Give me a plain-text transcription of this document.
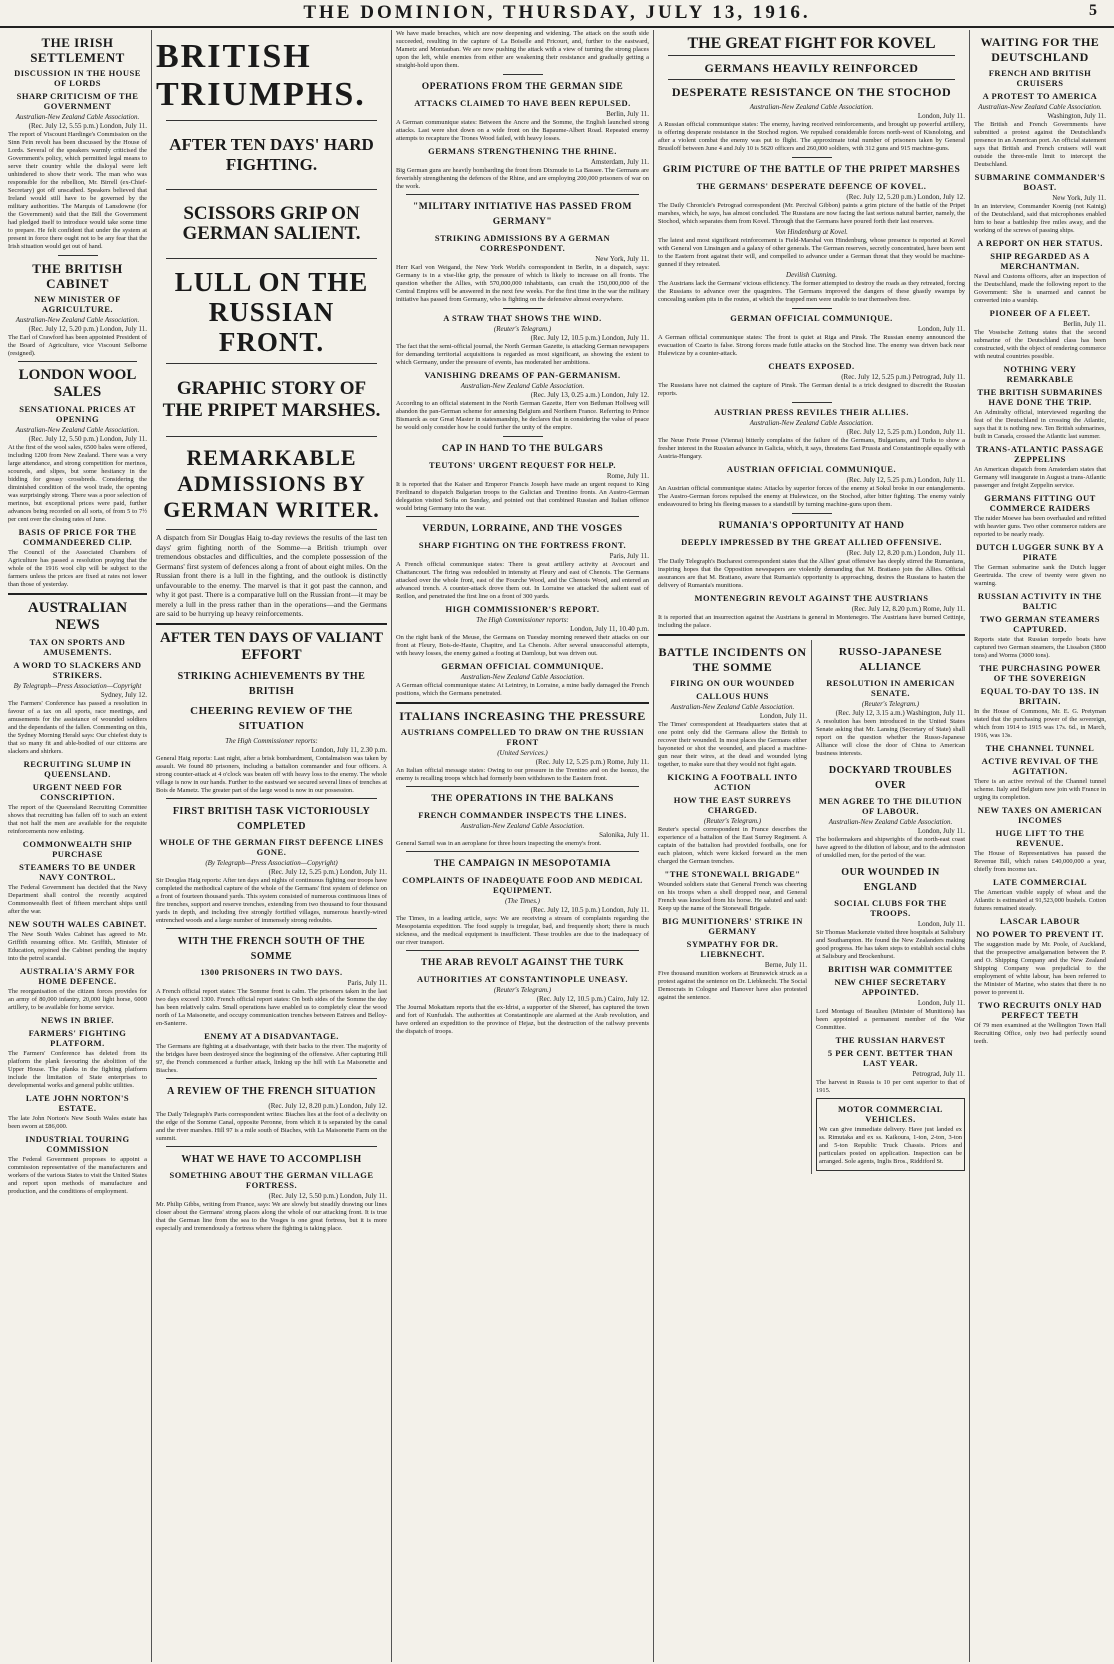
THE DOMINION, THURSDAY, JULY 13, 1916.	5
THE IRISH SETTLEMENT
DISCUSSION IN THE HOUSE OF LORDS
SHARP CRITICISM OF THE GOVERNMENT
Australian-New Zealand Cable Association.
(Rec. July 12, 5.55 p.m.) London, July 11.

The report of Viscount Hardinge's Commission on the Sinn Fein revolt has been discussed by the House of Lords. Several of the speakers warmly criticised the Government's policy, which permitted legal means to serve their country while the disloyal were left unhindered to show their work. The man who was responsible for the rebellion, Mr. Birrell (ex-Chief-Secretary) got off unscathed. Speakers believed that Ireland would still have to be governed by the military authorities. The Marquis of Lansdowne (for the Government) said that the Bill the Government had pledged itself to introduce would take some time to prepare. He felt confident that under the system at present in force there ought not to be any fear that the Irish situation would get out of hand.

THE BRITISH CABINET
NEW MINISTER OF AGRICULTURE.
Australian-New Zealand Cable Association.
(Rec. July 12, 5.20 p.m.) London, July 11.

The Earl of Crawford has been appointed President of the Board of Agriculture, vice Viscount Selborne (resigned).

LONDON WOOL SALES
SENSATIONAL PRICES AT OPENING
Australian-New Zealand Cable Association.
(Rec. July 12, 5.50 p.m.) London, July 11.

At the first of the wool sales, 6500 bales were offered, including 1200 from New Zealand. There was a very large attendance, and strong competition for merinos, scoureds, and slipes, but some hesitancy in the bidding for greasy crossbreds. Considering the diminished condition of the wool trade, the opening was surprisingly strong. There was a poor selection of merinos, but exceptional prices were paid, further advances being recorded on all sorts, of from 5 to 7½ per cent over the closing rates of June.

BASIS OF PRICE FOR THE COMMANDEERED CLIP.

The Council of the Associated Chambers of Agriculture has passed a resolution praying that the whole of the 1916 wool clip will be subject to the farmers unless the prices are fixed at rates not lower than those of yesterday.

AUSTRALIAN NEWS
TAX ON SPORTS AND AMUSEMENTS.
A WORD TO SLACKERS AND STRIKERS.
By Telegraph—Press Association—Copyright
Sydney, July 12.

The Farmers' Conference has passed a resolution in favour of a tax on all sports, race meetings, and amusements for the assistance of wounded soldiers and the dependants of the fallen. Commenting on this, the Sydney Morning Herald says: Our chiefest duty is that so many fit and able-bodied of our citizens are slackers and shirkers.

RECRUITING SLUMP IN QUEENSLAND.
URGENT NEED FOR CONSCRIPTION.

The report of the Queensland Recruiting Committee shows that recruiting has fallen off to such an extent that not half the men are available for the requisite reinforcements now enlisting.

COMMONWEALTH SHIP PURCHASE
STEAMERS TO BE UNDER NAVY CONTROL.

The Federal Government has decided that the Navy Department shall control the recently acquired Commonwealth fleet of fifteen merchant ships until after the war.

NEW SOUTH WALES CABINET.

The New South Wales Cabinet has agreed to Mr. Griffith resuming office. Mr. Griffith, Minister of Education, rejoined the Cabinet pending the inquiry into the petrol scandal.

AUSTRALIA'S ARMY FOR HOME DEFENCE.

The reorganisation of the citizen forces provides for an army of 80,000 infantry, 20,000 light horse, 6000 artillery, to be available for home service.

NEWS IN BRIEF.
FARMERS' FIGHTING PLATFORM.

The Farmers' Conference has deleted from its platform the plank favouring the abolition of the Upper House. The planks in the fighting platform include the limitation of State enterprises to developmental works and general public utilities.

LATE JOHN NORTON'S ESTATE.

The late John Norton's New South Wales estate has been sworn at £86,000.

INDUSTRIAL TOURING COMMISSION

The Federal Government proposes to appoint a commission representative of the manufacturers and workers of the various States to visit the United States and report upon methods of manufacture and production, and the conditions of employment.

BRITISH TRIUMPHS.
AFTER TEN DAYS' HARD FIGHTING.
SCISSORS GRIP ON GERMAN SALIENT.
LULL ON THE RUSSIAN FRONT.
GRAPHIC STORY OF THE PRIPET MARSHES.
REMARKABLE ADMISSIONS BY GERMAN WRITER.

A dispatch from Sir Douglas Haig to-day reviews the results of the last ten days' grim fighting north of the Somme—a British triumph over tremendous obstacles and difficulties, and the complete possession of the Germans' first system of defences along a front of about eight miles. On the Russian front there is a lull in the fighting, and the outlook is distinctly unfavourable to the enemy. The marvel is that it got past the cannon, and why it got past. There is a comparative lull on the Russian front—it may be merely a lull in the press rather than in the operations—and the Germans are said to be hurrying up heavy reinforcements.

AFTER TEN DAYS OF VALIANT EFFORT
STRIKING ACHIEVEMENTS BY THE BRITISH
CHEERING REVIEW OF THE SITUATION
The High Commissioner reports:
London, July 11, 2.30 p.m.

General Haig reports: Last night, after a brisk bombardment, Contalmaison was taken by assault. We found 80 prisoners, including a battalion commander and four officers. A strong counter-attack at 4 o'clock was beaten off with heavy loss to the enemy. The whole village is now in our hands. Further to the eastward we secured several lines of trenches at Bois de Mametz. The greater part of the large wood is now in our possession.

FIRST BRITISH TASK VICTORIOUSLY COMPLETED
WHOLE OF THE GERMAN FIRST DEFENCE LINES GONE.
(By Telegraph—Press Association—Copyright)
(Rec. July 12, 5.25 p.m.) London, July 11.

Sir Douglas Haig reports: After ten days and nights of continuous fighting our troops have completed the methodical capture of the whole of the Germans' first system of defence on a front of fourteen thousand yards. This system consisted of numerous continuous lines of fire trenches, support and reserve trenches, extending from two thousand to four thousand yards in depth, and including five strongly fortified villages, numerous heavily-wired entrenched woods and a large number of immensely strong redoubts.

WITH THE FRENCH SOUTH OF THE SOMME
1300 PRISONERS IN TWO DAYS.
Paris, July 11.

A French official report states: The Somme front is calm. The prisoners taken in the last two days exceed 1300. French official report states: On both sides of the Somme the day has been relatively calm. Small operations have enabled us to completely clear the wood north of La Maisonette, and occupy communication trenches between Estrees and Belloy-en-Santerre.

ENEMY AT A DISADVANTAGE.

The Germans are fighting at a disadvantage, with their backs to the river. The majority of the bridges have been destroyed since the beginning of the offensive. After capturing Hill 97, the French commenced a further attack, linking up the hill with La Maisonette and Biaches.

A REVIEW OF THE FRENCH SITUATION
(Rec. July 12, 8.20 p.m.) London, July 12.

The Daily Telegraph's Paris correspondent writes: Biaches lies at the foot of a declivity on the edge of the Somme Canal, opposite Peronne, from which it is separated by the canal and the river marshes. Hill 97 is a mile south of Biaches, with La Maisonette Farm on the summit.

WHAT WE HAVE TO ACCOMPLISH
SOMETHING ABOUT THE GERMAN VILLAGE FORTRESS.
(Rec. July 12, 5.50 p.m.) London, July 11.

Mr. Philip Gibbs, writing from France, says: We are slowly but steadily drawing our lines closer about the Germans' strong places along the whole of our attacking front. It is true that the German line from the sea to the Vosges is one great fortress, but it is more especially and tremendously a fortress where the fighting is taking place.

We have made breaches, which are now deepening and widening. The attack on the south side succeeded, resulting in the capture of La Boiselle and Fricourt, and, further to the eastward, Mametz and Montauban. We are now pushing the attack with a view of turning the strong places upon the left, while enemies from either are weakening their resistance and gradually getting a straight-hold upon them.

OPERATIONS FROM THE GERMAN SIDE
ATTACKS CLAIMED TO HAVE BEEN REPULSED.
Berlin, July 11.

A German communique states: Between the Ancre and the Somme, the English launched strong attacks. Last were shot down on a wide front on the Bapaume-Albert Road. Repeated enemy attempts to recapture the Trones Wood failed, with heavy losses.

GERMANS STRENGTHENING THE RHINE.
Amsterdam, July 11.

Big German guns are heavily bombarding the front from Dixmude to La Bassee. The Germans are feverishly strengthening the defences of the Rhine, and are employing 200,000 prisoners of war on the work.

"MILITARY INITIATIVE HAS PASSED FROM GERMANY"
STRIKING ADMISSIONS BY A GERMAN CORRESPONDENT.
New York, July 11.

Herr Karl von Weigand, the New York World's correspondent in Berlin, in a dispatch, says: Germany is in a vise-like grip, the pressure of which is likely to increase on all fronts. The question whether the Allies, with 570,000,000 inhabitants, can crush the 150,000,000 of the Central Empires will be answered in the next few weeks. For the first time in the war the military initiative has passed from Germany, who is fighting on the defensive almost everywhere.

A STRAW THAT SHOWS THE WIND.
(Reuter's Telegram.)
(Rec. July 12, 10.5 p.m.) London, July 11.

The fact that the semi-official journal, the North German Gazette, is attacking German newspapers for demanding territorial acquisitions is regarded as most significant, as showing the extent to which Germany, under the pressure of events, has moderated her ambitions.

VANISHING DREAMS OF PAN-GERMANISM.
Australian-New Zealand Cable Association.
(Rec. July 13, 0.25 a.m.) London, July 12.

According to an official statement in the North German Gazette, Herr von Bethman Hollweg will abandon the pan-German scheme for annexing Belgium and Northern France. Referring to Prince Bismarck as our Great Master in statesmanship, he declares that in considering the value of peace he would only consider how he could further the unity of the empire.

CAP IN HAND TO THE BULGARS
TEUTONS' URGENT REQUEST FOR HELP.
Rome, July 11.

It is reported that the Kaiser and Emperor Francis Joseph have made an urgent request to King Ferdinand to dispatch Bulgarian troops to the Galician and Trentino fronts. An Austro-German delegation visited Sofia on Sunday, and pointed out that combined Russian and Italian offence would bring Germany into the war.

VERDUN, LORRAINE, AND THE VOSGES
SHARP FIGHTING ON THE FORTRESS FRONT.
Paris, July 11.

A French official communique states: There is great artillery activity at Avocourt and Chattancourt. The firing was redoubled in intensity at Fleury and east of Chenois. The Germans attacked over the whole front, east of the Fourche Wood, and the Chenois Wood, and entered an advanced trench. A counter-attack drove them out. In Lorraine we attacked the salient east of Reillon, and penetrated the first line on a front of 300 yards.

HIGH COMMISSIONER'S REPORT.
The High Commissioner reports:
London, July 11, 10.40 p.m.

On the right bank of the Meuse, the Germans on Tuesday morning renewed their attacks on our front at Fleury, Bois-de-Haute, Chapitre, and La Chenois. After several unsuccessful attempts, with heavy losses, the enemy gained a footing at Damloup, but was driven out.

GERMAN OFFICIAL COMMUNIQUE.
Australian-New Zealand Cable Association.

A German official communique states: At Leintrey, in Lorraine, a mine badly damaged the French positions, which the Germans penetrated.

ITALIANS INCREASING THE PRESSURE
AUSTRIANS COMPELLED TO DRAW ON THE RUSSIAN FRONT
(United Services.)
(Rec. July 12, 5.25 p.m.) Rome, July 11.

An Italian official message states: Owing to our pressure in the Trentino and on the Isonzo, the enemy is recalling troops which had formerly been withdrawn to the Eastern front.

THE OPERATIONS IN THE BALKANS
FRENCH COMMANDER INSPECTS THE LINES.
Australian-New Zealand Cable Association.
Salonika, July 11.

General Sarrail was in an aeroplane for three hours inspecting the enemy's front.

THE CAMPAIGN IN MESOPOTAMIA
COMPLAINTS OF INADEQUATE FOOD AND MEDICAL EQUIPMENT.
(The Times.)
(Rec. July 12, 10.5 p.m.) London, July 11.

The Times, in a leading article, says: We are receiving a stream of complaints regarding the Mesopotamia expedition. The food supply is irregular, bad, and frequently short; there is much sickness, and the medical equipment is insufficient. These troubles are due to the inadequacy of our river transport.

THE ARAB REVOLT AGAINST THE TURK
AUTHORITIES AT CONSTANTINOPLE UNEASY.
(Reuter's Telegram.)
(Rec. July 12, 10.5 p.m.) Cairo, July 12.

The Journal Mokattam reports that the ex-Idrisi, a supporter of the Shereef, has captured the town and fort of Kunfudah. The authorities at Constantinople are alarmed at the Arab revolution, and have ordered an expedition to the province of Hejaz, but the destruction of the railway prevents the dispatch of troops.

THE GREAT FIGHT FOR KOVEL
GERMANS HEAVILY REINFORCED
DESPERATE RESISTANCE ON THE STOCHOD
Australian-New Zealand Cable Association.
London, July 11.

A Russian official communique states: The enemy, having received reinforcements, and brought up powerful artillery, is offering desperate resistance in the Stochod region. We repulsed considerable forces north-west of Kisnoloing, and after a violent combat the enemy was put to flight. The approximate total number of prisoners taken by General Brusiloff between June 4 and July 10 is 5620 officers and 260,000 soldiers, with 312 guns and 915 machine-guns.

GRIM PICTURE OF THE BATTLE OF THE PRIPET MARSHES
THE GERMANS' DESPERATE DEFENCE OF KOVEL.
(Rec. July 12, 5.20 p.m.) London, July 12.

The Daily Chronicle's Petrograd correspondent (Mr. Percival Gibbon) paints a grim picture of the battle of the Pripet marshes, which, he says, has almost concluded. The Russians are now facing the last serious natural barrier, namely, the Stochod, which separates them from Kovel. Through that the Germans have poured forth their last reserves.

Von Hindenburg at Kovel.

The latest and most significant reinforcement is Field-Marshal von Hindenburg, whose presence is reported at Kovel with General von Linsingen and a galaxy of other generals. The German reserves, secretly concentrated, have been sent to the Eastern front against their will, and compelled to advance under a German threat that they would be machine-gunned if they retreated.

Devilish Cunning.

The Austrians lack the Germans' vicious efficiency. The former attempted to destroy the roads as they retreated, forcing the Russians to advance over the quagmires. The Germans improved the dangers of these ghastly swamps by concealing sunken pits in the routes, at which the trapped men were unable to tear themselves free.

GERMAN OFFICIAL COMMUNIQUE.
London, July 11.

A German official communique states: The front is quiet at Riga and Pinsk. The Russian enemy announced the evacuation of Czarto is false. Strong forces made futile attacks on the Stochod line. The enemy was driven back near Hulewicze by a counter-attack.

CHEATS EXPOSED.
(Rec. July 12, 5.25 p.m.) Petrograd, July 11.

The Russians have not claimed the capture of Pinsk. The German denial is a trick designed to discredit the Russian reports.

AUSTRIAN PRESS REVILES THEIR ALLIES.
Australian-New Zealand Cable Association.
(Rec. July 12, 5.25 p.m.) London, July 11.

The Neue Freie Presse (Vienna) bitterly complains of the failure of the Germans, Bulgarians, and Turks to show a fresher interest in the Russian advance in Galicia, which, it says, threatens East Prussia and Constantinople equally with Austria-Hungary.

AUSTRIAN OFFICIAL COMMUNIQUE.
(Rec. July 12, 5.25 p.m.) London, July 11.

An Austrian official communique states: Attacks by superior forces of the enemy at Sokul broke in our entanglements. The Austro-German forces repulsed the enemy at Hulewicze, on the Stochod, after bitter fighting. The enemy vainly endeavoured to bring his fleeing masses to a standstill by turning machine-guns upon them.

RUMANIA'S OPPORTUNITY AT HAND
DEEPLY IMPRESSED BY THE GREAT ALLIED OFFENSIVE.
(Rec. July 12, 8.20 p.m.) London, July 11.

The Daily Telegraph's Bucharest correspondent states that the Allies' great offensive has deeply stirred the Rumanians, inspiring hopes that the Opposition newspapers are violently demanding that M. Bratiano join the Allies. Official assurances are that M. Bratiano, aware that Rumania's opportunity is approaching, desires the Russians to hasten the delivery of Rumania's munitions.

MONTENEGRIN REVOLT AGAINST THE AUSTRIANS
(Rec. July 12, 8.20 p.m.) Rome, July 11.

It is reported that an insurrection against the Austrians is general in Montenegro. The Austrians have burned Cettinje, including the palace.

BATTLE INCIDENTS ON THE SOMME
FIRING ON OUR WOUNDED
CALLOUS HUNS
Australian-New Zealand Cable Association.
London, July 11.

The Times' correspondent at Headquarters states that at one point only did the Germans allow the British to recover their wounded. In most places the Germans either bayoneted or shot the wounded, and placed a machine-gun near their wires, at the dead and wounded lying together, to make sure that they would not fight again.

KICKING A FOOTBALL INTO ACTION
HOW THE EAST SURREYS CHARGED.
(Reuter's Telegram.)

Reuter's special correspondent in France describes the experience of a battalion of the East Surrey Regiment. A captain of the battalion had provided footballs, one for each platoon, which were kicked forward as the men charged the German trenches.

"THE STONEWALL BRIGADE"

Wounded soldiers state that General French was cheering on his troops when a shell dropped near, and General French was knocked from his horse. He saluted and said: Keep up the name of the Stonewall Brigade.

BIG MUNITIONERS' STRIKE IN GERMANY
SYMPATHY FOR DR. LIEBKNECHT.
Berne, July 11.

Five thousand munition workers at Brunswick struck as a protest against the sentence on Dr. Liebknecht. The Social Democrats in Cologne and Hanover have also protested against the sentence.

RUSSO-JAPANESE ALLIANCE
RESOLUTION IN AMERICAN SENATE.
(Reuter's Telegram.)
(Rec. July 12, 3.15 a.m.) Washington, July 11.

A resolution has been introduced in the United States Senate asking that Mr. Lansing (Secretary of State) shall report on the question whether the Russo-Japanese Alliance will close the door of China to American business interests.

DOCKYARD TROUBLES OVER
MEN AGREE TO THE DILUTION OF LABOUR.
Australian-New Zealand Cable Association.
London, July 11.

The boilermakers and shipwrights of the north-east coast have agreed to the dilution of labour, and to the admission of unskilled men, for the period of the war.

OUR WOUNDED IN ENGLAND
SOCIAL CLUBS FOR THE TROOPS.
London, July 11.

Sir Thomas Mackenzie visited three hospitals at Salisbury and Southampton. He found the New Zealanders making good progress. He has taken steps to establish social clubs at Salisbury and Brockenhurst.

BRITISH WAR COMMITTEE
NEW CHIEF SECRETARY APPOINTED.
London, July 11.

Lord Montagu of Beaulieu (Minister of Munitions) has been appointed a permanent member of the War Committee.

THE RUSSIAN HARVEST
5 PER CENT. BETTER THAN LAST YEAR.
Petrograd, July 11.

The harvest in Russia is 10 per cent superior to that of 1915.

MOTOR COMMERCIAL VEHICLES.

We can give immediate delivery. Have just landed ex ss. Rimutaka and ex ss. Kaikoura, 1-ton, 2-ton, 3-ton and 5-ton Republic Truck Chassis. Prices and particulars posted on application. Inspection can be arranged. Sole agents, Inglis Bros., Riddiford St.

WAITING FOR THE DEUTSCHLAND
FRENCH AND BRITISH CRUISERS
A PROTEST TO AMERICA
Australian-New Zealand Cable Association.
Washington, July 11.

The British and French Governments have submitted a protest against the Deutschland's presence in an American port. An official statement says that British and French cruisers will wait outside the three-mile limit to intercept the Deutschland.

SUBMARINE COMMANDER'S BOAST.
New York, July 11.

In an interview, Commander Koenig (not Kainig) of the Deutschland, said that microphones enabled him to hear a battleship five miles away, and the working of the screws of passing ships.

A REPORT ON HER STATUS.
SHIP REGARDED AS A MERCHANTMAN.

Naval and Customs officers, after an inspection of the Deutschland, made the following report to the Government: She is unarmed and cannot be converted into a warship.

PIONEER OF A FLEET.
Berlin, July 11.

The Vossische Zeitung states that the second submarine of the Deutschland class has been constructed, with the object of rendering commerce with neutral countries possible.

NOTHING VERY REMARKABLE
THE BRITISH SUBMARINES HAVE DONE THE TRIP.

An Admiralty official, interviewed regarding the feat of the Deutschland in crossing the Atlantic, says that it is nothing new. Ten British submarines, built in Canada, crossed the Atlantic last summer.

TRANS-ATLANTIC PASSAGE ZEPPELINS

An American dispatch from Amsterdam states that Germany will inaugurate in August a trans-Atlantic passenger and freight Zeppelin service.

GERMANS FITTING OUT COMMERCE RAIDERS

The raider Moewe has been overhauled and refitted with heavier guns. Two other commerce raiders are reported to be nearly ready.

DUTCH LUGGER SUNK BY A PIRATE

The German submarine sank the Dutch lugger Geertruida. The crew of twenty were given no warning.

RUSSIAN ACTIVITY IN THE BALTIC
TWO GERMAN STEAMERS CAPTURED.

Reports state that Russian torpedo boats have captured two German steamers, the Lissabon (3800 tons) and Worms (3000 tons).

THE PURCHASING POWER OF THE SOVEREIGN
EQUAL TO-DAY TO 13S. IN BRITAIN.

In the House of Commons, Mr. E. G. Pretyman stated that the purchasing power of the sovereign, which from 1914 to 1915 was 17s. 6d., in March, 1916, was 13s.

THE CHANNEL TUNNEL
ACTIVE REVIVAL OF THE AGITATION.

There is an active revival of the Channel tunnel scheme. Italy and Belgium now join with France in urging its completion.

NEW TAXES ON AMERICAN INCOMES
HUGE LIFT TO THE REVENUE.

The House of Representatives has passed the Revenue Bill, which raises £40,000,000 a year, chiefly from income tax.

LATE COMMERCIAL

The American visible supply of wheat and the Atlantic is estimated at 91,523,000 bushels. Cotton futures remained steady.

LASCAR LABOUR
NO POWER TO PREVENT IT.

The suggestion made by Mr. Poole, of Auckland, that the prospective amalgamation between the P. and O. Shipping Company and the New Zealand Shipping Company was prejudicial to the employment of white labour, has been referred to the Minister of Marine, who states that there is no power to prevent it.

TWO RECRUITS ONLY HAD PERFECT TEETH

Of 79 men examined at the Wellington Town Hall Recruiting Office, only two had perfectly sound teeth.
